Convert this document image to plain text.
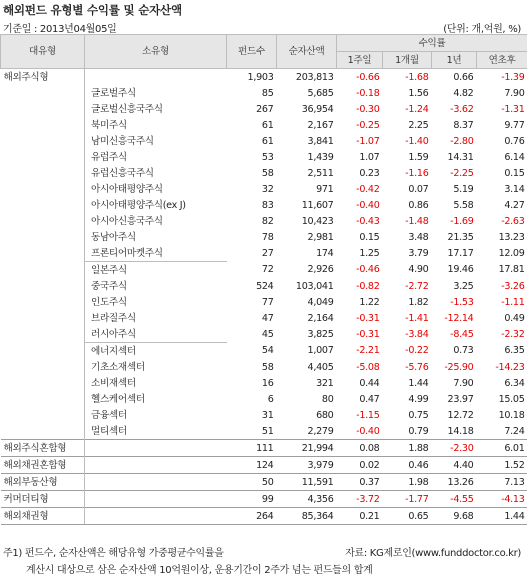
해외펀드 유형별 수익률 및 순자산액
기준일 : 2013년04월05일	(단위: 개,억원, %)
대유형	소유형	펀드수	순자산액	수익률			
				1주일	1개월	1년	연초후
해외주식형		1,903	203,813	-0.66	-1.68	0.66	-1.39
	글로벌주식	85	5,685	-0.18	1.56	4.82	7.90
	글로벌신흥국주식	267	36,954	-0.30	-1.24	-3.62	-1.31
	북미주식	61	2,167	-0.25	2.25	8.37	9.77
	남미신흥국주식	61	3,841	-1.07	-1.40	-2.80	0.76
	유럽주식	53	1,439	1.07	1.59	14.31	6.14
	유럽신흥국주식	58	2,511	0.23	-1.16	-2.25	0.15
	아시아태평양주식	32	971	-0.42	0.07	5.19	3.14
	아시아태평양주식(ex J)	83	11,607	-0.40	0.86	5.58	4.27
	아시아신흥국주식	82	10,423	-0.43	-1.48	-1.69	-2.63
	동남아주식	78	2,981	0.15	3.48	21.35	13.23
	프론티어마켓주식	27	174	1.25	3.79	17.17	12.09
	일본주식	72	2,926	-0.46	4.90	19.46	17.81
	중국주식	524	103,041	-0.82	-2.72	3.25	-3.26
	인도주식	77	4,049	1.22	1.82	-1.53	-1.11
	브라질주식	47	2,164	-0.31	-1.41	-12.14	0.49
	러시아주식	45	3,825	-0.31	-3.84	-8.45	-2.32
	에너지섹터	54	1,007	-2.21	-0.22	0.73	6.35
	기초소재섹터	58	4,405	-5.08	-5.76	-25.90	-14.23
	소비재섹터	16	321	0.44	1.44	7.90	6.34
	헬스케어섹터	6	80	0.47	4.99	23.97	15.05
	금융섹터	31	680	-1.15	0.75	12.72	10.18
	멀티섹터	51	2,279	-0.40	0.79	14.18	7.24
해외주식혼합형		111	21,994	0.08	1.88	-2.30	6.01
해외채권혼합형		124	3,979	0.02	0.46	4.40	1.52
해외부동산형		50	11,591	0.37	1.98	13.26	7.13
커머더티형		99	4,356	-3.72	-1.77	-4.55	-4.13
해외채권형		264	85,364	0.21	0.65	9.68	1.44
주1) 펀드수, 순자산액은 해당유형 가중평균수익률을	자료: KG제로인(www.funddoctor.co.kr)
계산시 대상으로 삼은 순자산액 10억원이상, 운용기간이 2주가 넘는 펀드들의 합계
